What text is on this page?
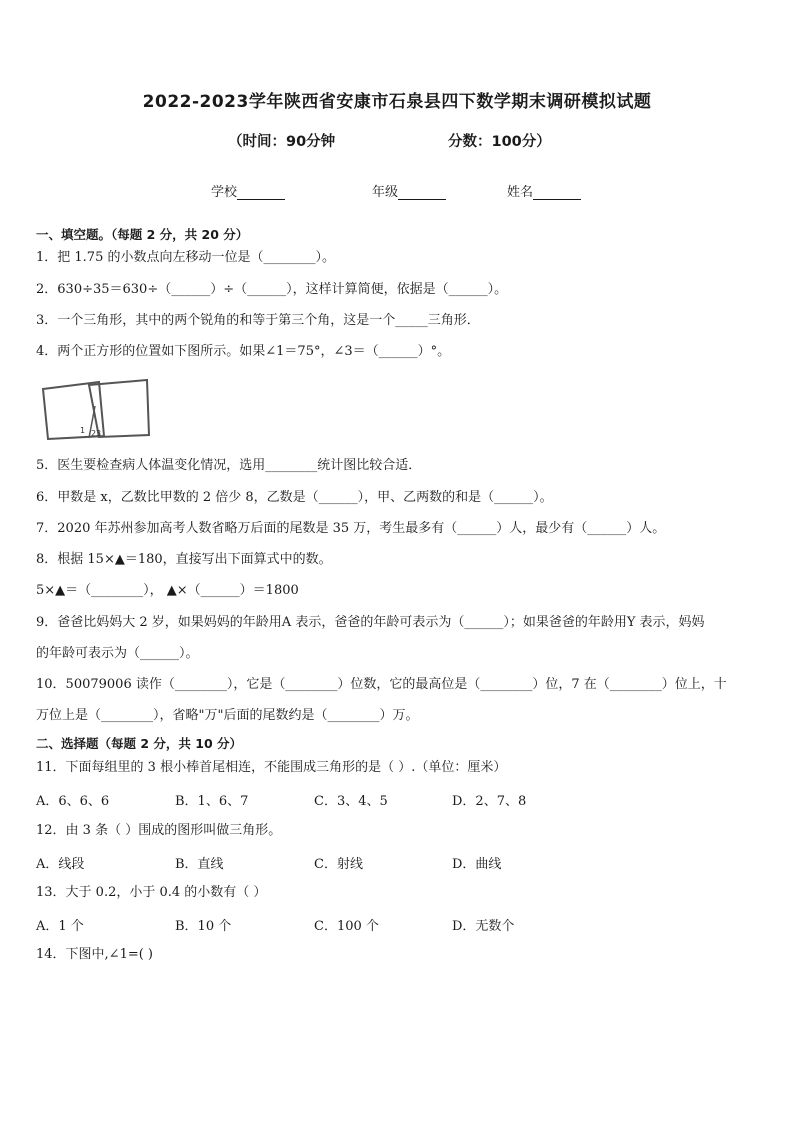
2022-2023学年陕西省安康市石泉县四下数学期末调研模拟试题
（时间：90分钟	分数：100分）
学校	年级	姓名
一、填空题。（每题 2 分，共 20 分）
1．把 1.75 的小数点向左移动一位是（________）。
2．630÷35＝630÷（______）÷（______），这样计算简便，依据是（______）。
3．一个三角形，其中的两个锐角的和等于第三个角，这是一个_____三角形．
4．两个正方形的位置如下图所示。如果∠1＝75°，∠3＝（______）°。
1 2 3
5．医生要检查病人体温变化情况，选用________统计图比较合适．
6．甲数是 x，乙数比甲数的 2 倍少 8，乙数是（______），甲、乙两数的和是（______）。
7．2020 年苏州参加高考人数省略万后面的尾数是 35 万，考生最多有（______）人，最少有（______）人。
8．根据 15×▲＝180，直接写出下面算式中的数。
5×▲＝（________）， ▲×（______）＝1800
9．爸爸比妈妈大 2 岁，如果妈妈的年龄用A 表示，爸爸的年龄可表示为（______）；如果爸爸的年龄用Y 表示，妈妈
的年龄可表示为（______）。
10．50079006 读作（________），它是（________）位数，它的最高位是（________）位，7 在（________）位上，十
万位上是（________），省略"万"后面的尾数约是（________）万。
二、选择题（每题 2 分，共 10 分）
11．下面每组里的 3 根小棒首尾相连，不能围成三角形的是（ ）.（单位：厘米）
A．6、6、6	B．1、6、7	C．3、4、5	D．2、7、8
12．由 3 条（ ）围成的图形叫做三角形。
A．线段	B．直线	C．射线	D．曲线
13．大于 0.2，小于 0.4 的小数有（ ）
A．1 个	B．10 个	C．100 个	D．无数个
14．下图中,∠1=( )
